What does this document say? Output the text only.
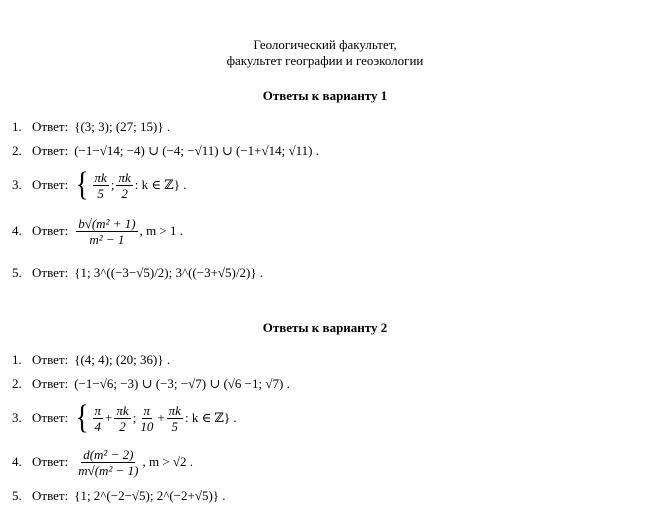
Геологический факультет,
факультет географии и геоэкологии
Ответы к варианту 1
1. Ответ: {(3; 3); (27; 15)} .
2. Ответ: (−1−√14; −4) ∪ (−4; −√11) ∪ (−1+√14; √11) .
3. Ответ: { $\frac{\pi k}{5}$ ; $\frac{\pi k}{2}$ : k ∈ ℤ} .
4. Ответ: $\frac{\text{b√(m² + 1)}}{\text{m² − 1}}$ , m > 1 .
5. Ответ: {1; 3^((−3−√5)/2); 3^((−3+√5)/2)} .
Ответы к варианту 2
1. Ответ: {(4; 4); (20; 36)} .
2. Ответ: (−1−√6; −3) ∪ (−3; −√7) ∪ (√6 −1; √7) .
3. Ответ: { $\frac{\pi}{4} + \frac{\pi k}{2}$ ; $\frac{\pi}{10} + \frac{\pi k}{5}$ : k ∈ ℤ} .
4. Ответ: $\frac{\text{d(m² − 2)}}{\text{m√(m² − 1)}}$ , m > √2 .
5. Ответ: {1; 2^(−2−√5); 2^(−2+√5)} .
